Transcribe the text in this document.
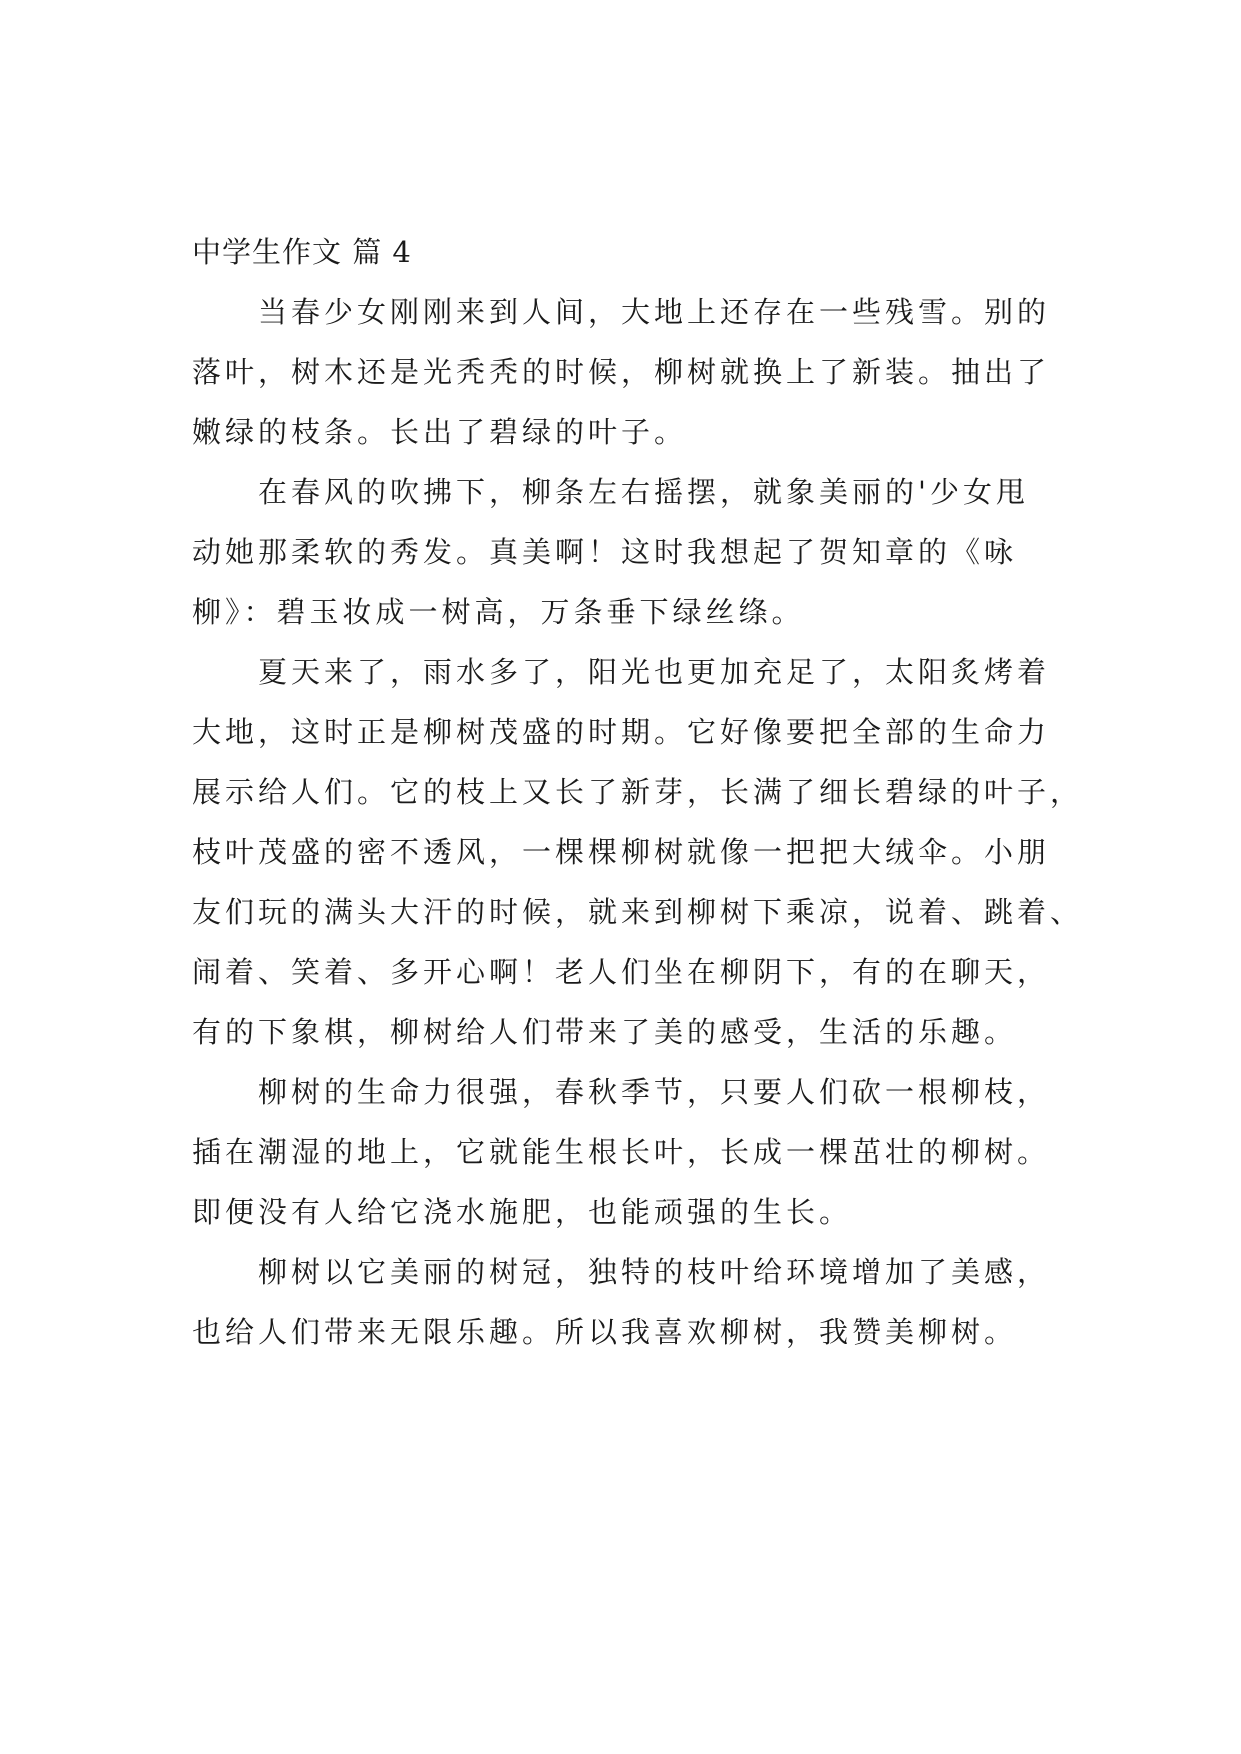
中学生作文 篇 4
当春少女刚刚来到人间，大地上还存在一些残雪。别的
落叶，树木还是光秃秃的时候，柳树就换上了新装。抽出了
嫩绿的枝条。长出了碧绿的叶子。
在春风的吹拂下，柳条左右摇摆，就象美丽的'少女甩
动她那柔软的秀发。真美啊！这时我想起了贺知章的《咏
柳》：碧玉妆成一树高，万条垂下绿丝绦。
夏天来了，雨水多了，阳光也更加充足了，太阳炙烤着
大地，这时正是柳树茂盛的时期。它好像要把全部的生命力
展示给人们。它的枝上又长了新芽，长满了细长碧绿的叶子，
枝叶茂盛的密不透风，一棵棵柳树就像一把把大绒伞。小朋
友们玩的满头大汗的时候，就来到柳树下乘凉，说着、跳着、
闹着、笑着、多开心啊！老人们坐在柳阴下，有的在聊天，
有的下象棋，柳树给人们带来了美的感受，生活的乐趣。
柳树的生命力很强，春秋季节，只要人们砍一根柳枝，
插在潮湿的地上，它就能生根长叶，长成一棵茁壮的柳树。
即便没有人给它浇水施肥，也能顽强的生长。
柳树以它美丽的树冠，独特的枝叶给环境增加了美感，
也给人们带来无限乐趣。所以我喜欢柳树，我赞美柳树。
